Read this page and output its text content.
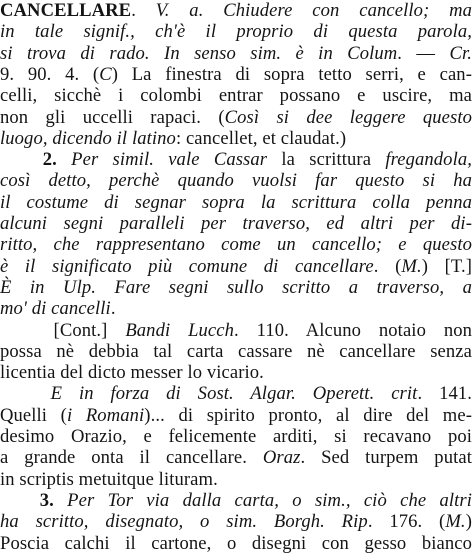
CANCELLARE. V. a. Chiudere con cancello; ma
in tale signif., ch'è il proprio di questa parola,
si trova di rado. In senso sim. è in Colum. — Cr.
9. 90. 4. (C) La finestra di sopra tetto serri, e can-
celli, sicchè i colombi entrar possano e uscire, ma
non gli uccelli rapaci. (Così si dee leggere questo
luogo, dicendo il latino: cancellet, et claudat.)
2. Per simil. vale Cassar la scrittura fregandola,
così detto, perchè quando vuolsi far questo si ha
il costume di segnar sopra la scrittura colla penna
alcuni segni paralleli per traverso, ed altri per di-
ritto, che rappresentano come un cancello; e questo
è il significato più comune di cancellare. (M.) [T.]
È in Ulp. Fare segni sullo scritto a traverso, a
mo' di cancelli.
[Cont.] Bandi Lucch. 110. Alcuno notaio non
possa nè debbia tal carta cassare nè cancellare senza
licentia del dicto messer lo vicario.
E in forza di Sost. Algar. Operett. crit. 141.
Quelli (i Romani)... di spirito pronto, al dire del me-
desimo Orazio, e felicemente arditi, si recavano poi
a grande onta il cancellare. Oraz. Sed turpem putat
in scriptis metuitque lituram.
3. Per Tor via dalla carta, o sim., ciò che altri
ha scritto, disegnato, o sim. Borgh. Rip. 176. (M.)
Poscia calchi il cartone, o disegni con gesso bianco
